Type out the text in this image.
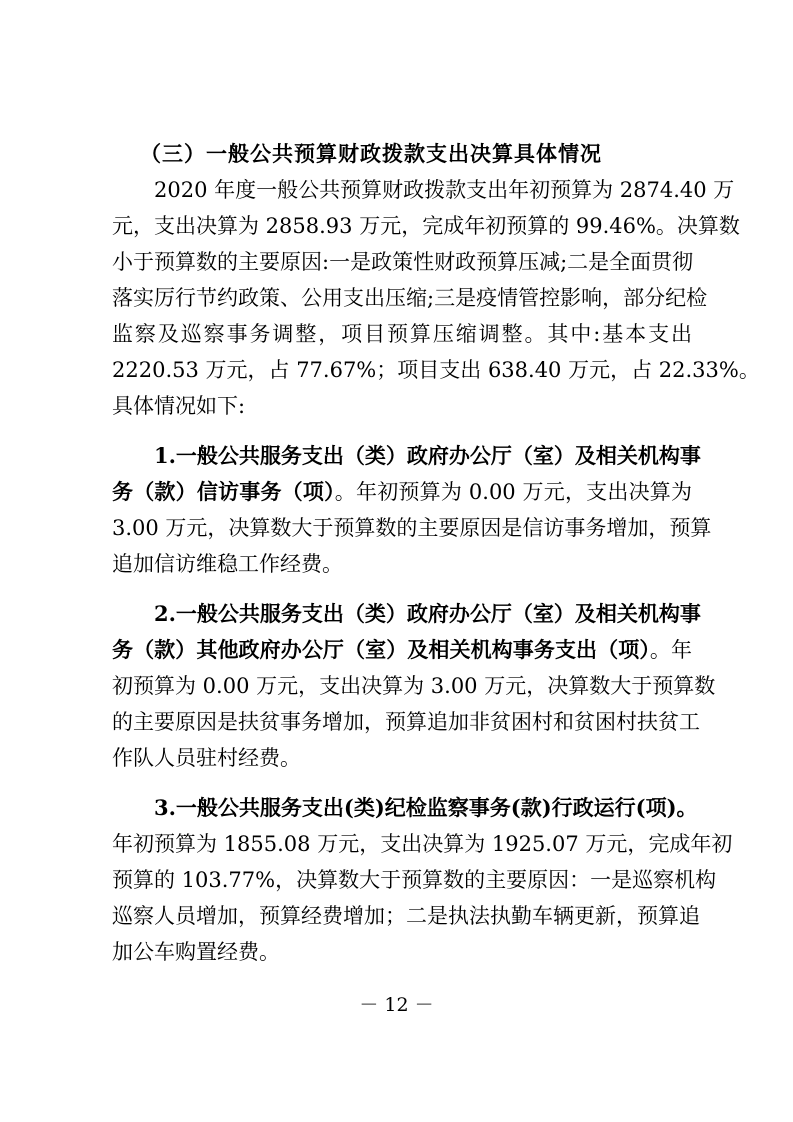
（三）一般公共预算财政拨款支出决算具体情况
2020 年度一般公共预算财政拨款支出年初预算为 2874.40 万
元，支出决算为 2858.93 万元，完成年初预算的 99.46%。决算数
小于预算数的主要原因:一是政策性财政预算压减;二是全面贯彻
落实厉行节约政策、公用支出压缩;三是疫情管控影响，部分纪检
监察及巡察事务调整，项目预算压缩调整。其中:基本支出
2220.53 万元，占 77.67%；项目支出 638.40 万元，占 22.33%。
具体情况如下:
1.一般公共服务支出（类）政府办公厅（室）及相关机构事
务（款）信访事务（项）。年初预算为 0.00 万元，支出决算为
3.00 万元，决算数大于预算数的主要原因是信访事务增加，预算
追加信访维稳工作经费。
2.一般公共服务支出（类）政府办公厅（室）及相关机构事
务（款）其他政府办公厅（室）及相关机构事务支出（项）。年
初预算为 0.00 万元，支出决算为 3.00 万元，决算数大于预算数
的主要原因是扶贫事务增加，预算追加非贫困村和贫困村扶贫工
作队人员驻村经费。
3.一般公共服务支出(类)纪检监察事务(款)行政运行(项)。
年初预算为 1855.08 万元，支出决算为 1925.07 万元，完成年初
预算的 103.77%，决算数大于预算数的主要原因：一是巡察机构
巡察人员增加，预算经费增加；二是执法执勤车辆更新，预算追
加公车购置经费。
－ 12 －
